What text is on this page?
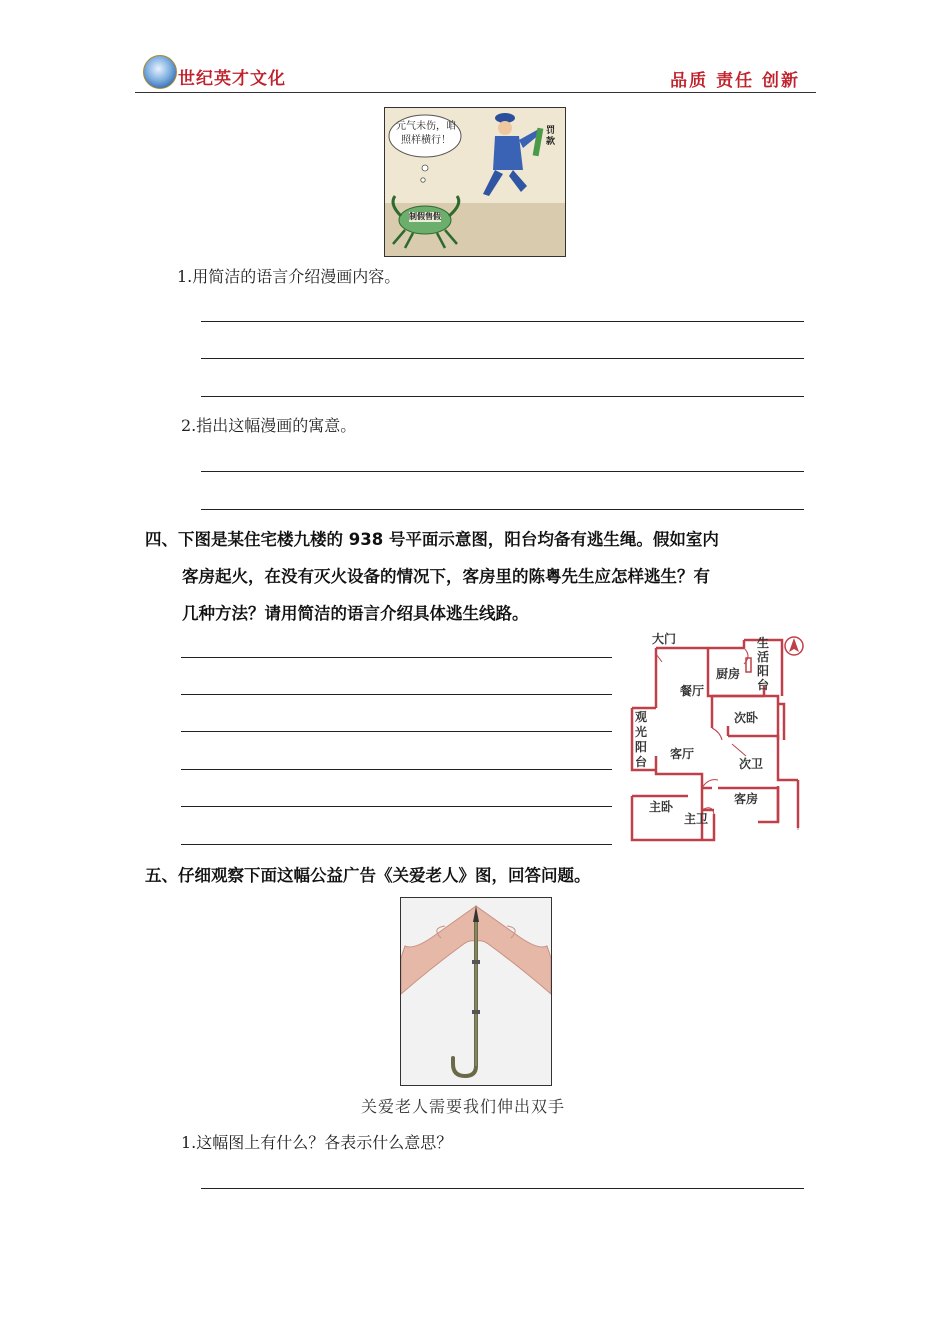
世纪英才文化	品质 责任 创新
元气未伤，咱照样横行！
罚款
制假售假
1.用简洁的语言介绍漫画内容。
2.指出这幅漫画的寓意。
四、下图是某住宅楼九楼的 938 号平面示意图，阳台均备有逃生绳。假如室内
客房起火，在没有灭火设备的情况下，客房里的陈粤先生应怎样逃生？有
几种方法？请用简洁的语言介绍具体逃生线路。
大门	生活阳台
厨房
餐厅
次卧
观光阳台
客厅
次卫
主卧
客房
主卫
五、仔细观察下面这幅公益广告《关爱老人》图，回答问题。
关爱老人需要我们伸出双手
1.这幅图上有什么？各表示什么意思？
